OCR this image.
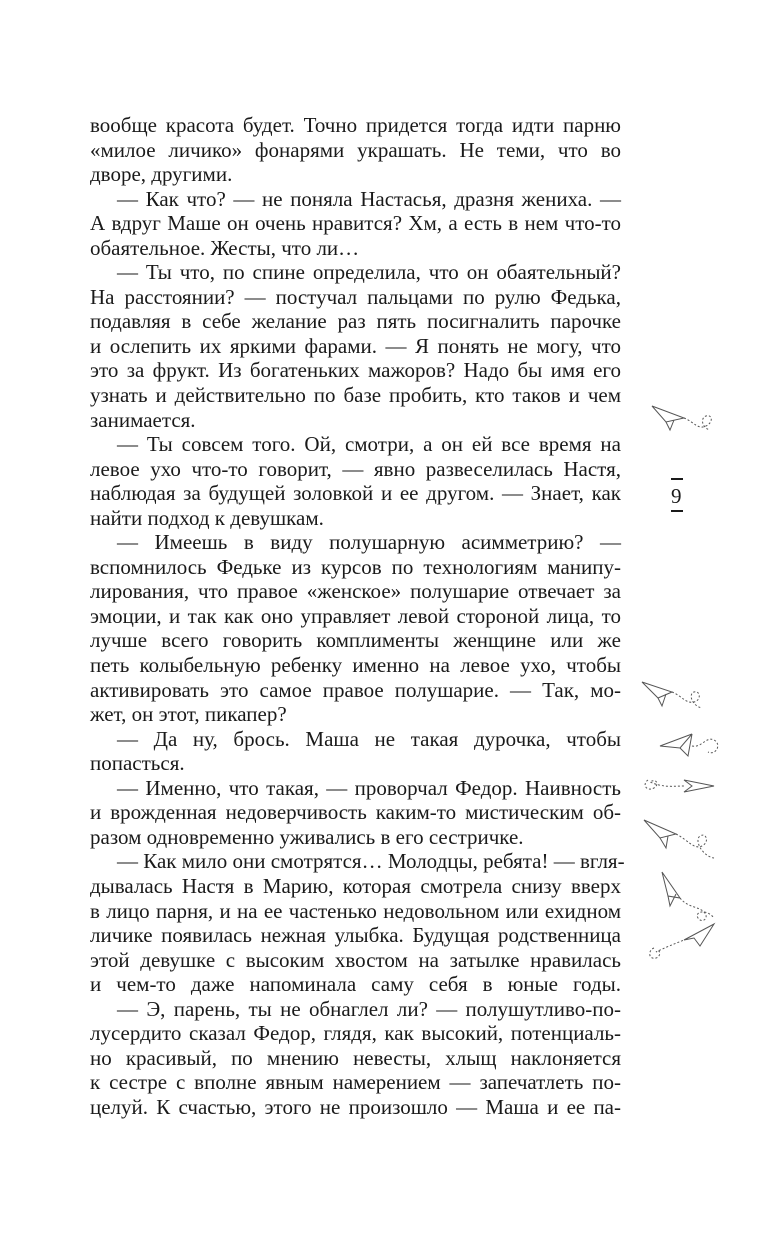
вообще красота будет. Точно придется тогда идти парню
«милое личико» фонарями украшать. Не теми, что во
дворе, другими.
— Как что? — не поняла Настасья, дразня жениха. —
А вдруг Маше он очень нравится? Хм, а есть в нем что-то
обаятельное. Жесты, что ли…
— Ты что, по спине определила, что он обаятельный?
На расстоянии? — постучал пальцами по рулю Федька,
подавляя в себе желание раз пять посигналить парочке
и ослепить их яркими фарами. — Я понять не могу, что
это за фрукт. Из богатеньких мажоров? Надо бы имя его
узнать и действительно по базе пробить, кто таков и чем
занимается.
— Ты совсем того. Ой, смотри, а он ей все время на
левое ухо что-то говорит, — явно развеселилась Настя,
наблюдая за будущей золовкой и ее другом. — Знает, как
найти подход к девушкам.
— Имеешь в виду полушарную асимметрию? —
вспомнилось Федьке из курсов по технологиям манипу-
лирования, что правое «женское» полушарие отвечает за
эмоции, и так как оно управляет левой стороной лица, то
лучше всего говорить комплименты женщине или же
петь колыбельную ребенку именно на левое ухо, чтобы
активировать это самое правое полушарие. — Так, мо-
жет, он этот, пикапер?
— Да ну, брось. Маша не такая дурочка, чтобы
попасться.
— Именно, что такая, — проворчал Федор. Наивность
и врожденная недоверчивость каким-то мистическим об-
разом одновременно уживались в его сестричке.
— Как мило они смотрятся… Молодцы, ребята! — вгля-
дывалась Настя в Марию, которая смотрела снизу вверх
в лицо парня, и на ее частенько недовольном или ехидном
личике появилась нежная улыбка. Будущая родственница
этой девушке с высоким хвостом на затылке нравилась
и чем-то даже напоминала саму себя в юные годы.
— Э, парень, ты не обнаглел ли? — полушутливо-по-
лусердито сказал Федор, глядя, как высокий, потенциаль-
но красивый, по мнению невесты, хлыщ наклоняется
к сестре с вполне явным намерением — запечатлеть по-
целуй. К счастью, этого не произошло — Маша и ее па-
9
